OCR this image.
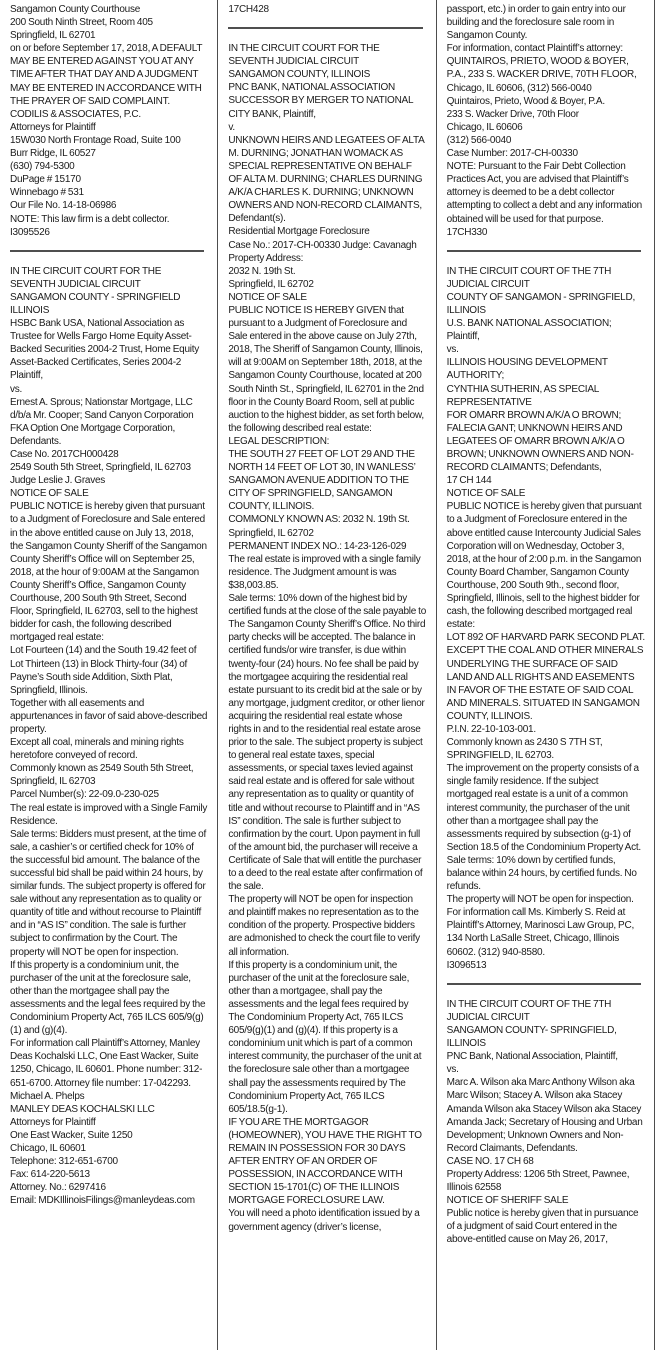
Sangamon County Courthouse

200 South Ninth Street, Room 405

Springfield, IL 62701

on or before September 17, 2018, A DEFAULT MAY BE ENTERED AGAINST YOU AT ANY TIME AFTER THAT DAY AND A JUDGMENT MAY BE ENTERED IN ACCORDANCE WITH THE PRAYER OF SAID COMPLAINT.

CODILIS & ASSOCIATES, P.C.

Attorneys for Plaintiff

15W030 North Frontage Road, Suite 100

Burr Ridge, IL 60527

(630) 794-5300

DuPage # 15170

Winnebago # 531

Our File No. 14-18-06986

NOTE: This law firm is a debt collector.

I3095526

IN THE CIRCUIT COURT FOR THE SEVENTH JUDICIAL CIRCUIT

SANGAMON COUNTY - SPRINGFIELD ILLINOIS

HSBC Bank USA, National Association as Trustee for Wells Fargo Home Equity Asset-Backed Securities 2004-2 Trust, Home Equity Asset-Backed Certificates, Series 2004-2 Plaintiff,

vs.

Ernest A. Sprous; Nationstar Mortgage, LLC d/b/a Mr. Cooper; Sand Canyon Corporation FKA Option One Mortgage Corporation, Defendants.

Case No. 2017CH000428

2549 South 5th Street, Springfield, IL 62703

Judge Leslie J. Graves

NOTICE OF SALE

PUBLIC NOTICE is hereby given that pursuant to a Judgment of Foreclosure and Sale entered in the above entitled cause on July 13, 2018, the Sangamon County Sheriff of the Sangamon County Sheriff’s Office will on September 25, 2018, at the hour of 9:00AM at the Sangamon County Sheriff’s Office, Sangamon County Courthouse, 200 South 9th Street, Second Floor, Springfield, IL 62703, sell to the highest bidder for cash, the following described mortgaged real estate:

Lot Fourteen (14) and the South 19.42 feet of Lot Thirteen (13) in Block Thirty-four (34) of Payne’s South side Addition, Sixth Plat, Springfield, Illinois.

Together with all easements and appurtenances in favor of said above-described property.

Except all coal, minerals and mining rights heretofore conveyed of record.

Commonly known as 2549 South 5th Street, Springfield, IL 62703

Parcel Number(s): 22-09.0-230-025

The real estate is improved with a Single Family Residence.

Sale terms: Bidders must present, at the time of sale, a cashier’s or certified check for 10% of the successful bid amount. The balance of the successful bid shall be paid within 24 hours, by similar funds. The subject property is offered for sale without any representation as to quality or quantity of title and without recourse to Plaintiff and in “AS IS” condition. The sale is further subject to confirmation by the Court. The property will NOT be open for inspection.

If this property is a condominium unit, the purchaser of the unit at the foreclosure sale, other than the mortgagee shall pay the assessments and the legal fees required by the Condominium Property Act, 765 ILCS 605/9(g)(1) and (g)(4).

For information call Plaintiff’s Attorney, Manley Deas Kochalski LLC, One East Wacker, Suite 1250, Chicago, IL 60601. Phone number: 312-651-6700. Attorney file number: 17-042293.

Michael A. Phelps

MANLEY DEAS KOCHALSKI LLC

Attorneys for Plaintiff

One East Wacker, Suite 1250

Chicago, IL 60601

Telephone: 312-651-6700

Fax: 614-220-5613

Attorney. No.: 6297416

Email: MDKIllinoisFilings@manleydeas.com

17CH428

IN THE CIRCUIT COURT FOR THE SEVENTH JUDICIAL CIRCUIT

SANGAMON COUNTY, ILLINOIS

PNC BANK, NATIONAL ASSOCIATION SUCCESSOR BY MERGER TO NATIONAL CITY BANK, Plaintiff,

v.

UNKNOWN HEIRS AND LEGATEES OF ALTA M. DURNING; JONATHAN WOMACK AS SPECIAL REPRESENTATIVE ON BEHALF OF ALTA M. DURNING; CHARLES DURNING A/K/A CHARLES K. DURNING; UNKNOWN OWNERS AND NON-RECORD CLAIMANTS, Defendant(s).

Residential Mortgage Foreclosure

Case No.: 2017-CH-00330 Judge: Cavanagh

Property Address:

2032 N. 19th St.

Springfield, IL 62702

NOTICE OF SALE

PUBLIC NOTICE IS HEREBY GIVEN that pursuant to a Judgment of Foreclosure and Sale entered in the above cause on July 27th, 2018, The Sheriff of Sangamon County, Illinois, will at 9:00AM on September 18th, 2018, at the Sangamon County Courthouse, located at 200 South Ninth St., Springfield, IL 62701 in the 2nd floor in the County Board Room, sell at public auction to the highest bidder, as set forth below, the following described real estate:

LEGAL DESCRIPTION:

THE SOUTH 27 FEET OF LOT 29 AND THE NORTH 14 FEET OF LOT 30, IN WANLESS’ SANGAMON AVENUE ADDITION TO THE CITY OF SPRINGFIELD, SANGAMON COUNTY, ILLINOIS.

COMMONLY KNOWN AS: 2032 N. 19th St.

Springfield, IL 62702

PERMANENT INDEX NO.: 14-23-126-029

The real estate is improved with a single family residence. The Judgment amount is was $38,003.85.

Sale terms: 10% down of the highest bid by certified funds at the close of the sale payable to The Sangamon County Sheriff’s Office. No third party checks will be accepted. The balance in certified funds/or wire transfer, is due within twenty-four (24) hours. No fee shall be paid by the mortgagee acquiring the residential real estate pursuant to its credit bid at the sale or by any mortgage, judgment creditor, or other lienor acquiring the residential real estate whose rights in and to the residential real estate arose prior to the sale. The subject property is subject to general real estate taxes, special assessments, or special taxes levied against said real estate and is offered for sale without any representation as to quality or quantity of title and without recourse to Plaintiff and in “AS IS” condition. The sale is further subject to confirmation by the court. Upon payment in full of the amount bid, the purchaser will receive a Certificate of Sale that will entitle the purchaser to a deed to the real estate after confirmation of the sale.

The property will NOT be open for inspection and plaintiff makes no representation as to the condition of the property. Prospective bidders are admonished to check the court file to verify all information.

If this property is a condominium unit, the purchaser of the unit at the foreclosure sale, other than a mortgagee, shall pay the assessments and the legal fees required by The Condominium Property Act, 765 ILCS 605/9(g)(1) and (g)(4). If this property is a condominium unit which is part of a common interest community, the purchaser of the unit at the foreclosure sale other than a mortgagee shall pay the assessments required by The Condominium Property Act, 765 ILCS 605/18.5(g-1).

IF YOU ARE THE MORTGAGOR (HOMEOWNER), YOU HAVE THE RIGHT TO REMAIN IN POSSESSION FOR 30 DAYS AFTER ENTRY OF AN ORDER OF POSSESSION, IN ACCORDANCE WITH SECTION 15-1701(C) OF THE ILLINOIS MORTGAGE FORECLOSURE LAW.

You will need a photo identification issued by a government agency (driver’s license,

passport, etc.) in order to gain entry into our building and the foreclosure sale room in Sangamon County.

For information, contact Plaintiff’s attorney: QUINTAIROS, PRIETO, WOOD & BOYER, P.A., 233 S. WACKER DRIVE, 70TH FLOOR, Chicago, IL 60606, (312) 566-0040

Quintairos, Prieto, Wood & Boyer, P.A.

233 S. Wacker Drive, 70th Floor

Chicago, IL 60606

(312) 566-0040

Case Number: 2017-CH-00330

NOTE: Pursuant to the Fair Debt Collection Practices Act, you are advised that Plaintiff’s attorney is deemed to be a debt collector attempting to collect a debt and any information obtained will be used for that purpose.

17CH330

IN THE CIRCUIT COURT OF THE 7TH JUDICIAL CIRCUIT

COUNTY OF SANGAMON - SPRINGFIELD, ILLINOIS

U.S. BANK NATIONAL ASSOCIATION; Plaintiff,

vs.

ILLINOIS HOUSING DEVELOPMENT AUTHORITY;

CYNTHIA SUTHERIN, AS SPECIAL REPRESENTATIVE

FOR OMARR BROWN A/K/A O BROWN;

FALECIA GANT; UNKNOWN HEIRS AND LEGATEES OF OMARR BROWN A/K/A O BROWN; UNKNOWN OWNERS AND NON-RECORD CLAIMANTS; Defendants,

17 CH 144

NOTICE OF SALE

PUBLIC NOTICE is hereby given that pursuant to a Judgment of Foreclosure entered in the above entitled cause Intercounty Judicial Sales Corporation will on Wednesday, October 3, 2018, at the hour of 2:00 p.m. in the Sangamon County Board Chamber, Sangamon County Courthouse, 200 South 9th., second floor, Springfield, Illinois, sell to the highest bidder for cash, the following described mortgaged real estate:

LOT 892 OF HARVARD PARK SECOND PLAT. EXCEPT THE COAL AND OTHER MINERALS UNDERLYING THE SURFACE OF SAID LAND AND ALL RIGHTS AND EASEMENTS IN FAVOR OF THE ESTATE OF SAID COAL AND MINERALS. SITUATED IN SANGAMON COUNTY, ILLINOIS.

P.I.N. 22-10-103-001.

Commonly known as 2430 S 7TH ST, SPRINGFIELD, IL 62703.

The improvement on the property consists of a single family residence. If the subject mortgaged real estate is a unit of a common interest community, the purchaser of the unit other than a mortgagee shall pay the assessments required by subsection (g-1) of Section 18.5 of the Condominium Property Act.

Sale terms: 10% down by certified funds, balance within 24 hours, by certified funds. No refunds.

The property will NOT be open for inspection.

For information call Ms. Kimberly S. Reid at Plaintiff’s Attorney, Marinosci Law Group, PC, 134 North LaSalle Street, Chicago, Illinois 60602. (312) 940-8580.

I3096513

IN THE CIRCUIT COURT OF THE 7TH JUDICIAL CIRCUIT

SANGAMON COUNTY- SPRINGFIELD, ILLINOIS

PNC Bank, National Association, Plaintiff,

vs.

Marc A. Wilson aka Marc Anthony Wilson aka Marc Wilson; Stacey A. Wilson aka Stacey Amanda Wilson aka Stacey Wilson aka Stacey Amanda Jack; Secretary of Housing and Urban Development; Unknown Owners and Non-Record Claimants, Defendants.

CASE NO. 17 CH 68

Property Address: 1206 5th Street, Pawnee, Illinois 62558

NOTICE OF SHERIFF SALE

Public notice is hereby given that in pursuance of a judgment of said Court entered in the above-entitled cause on May 26, 2017,
